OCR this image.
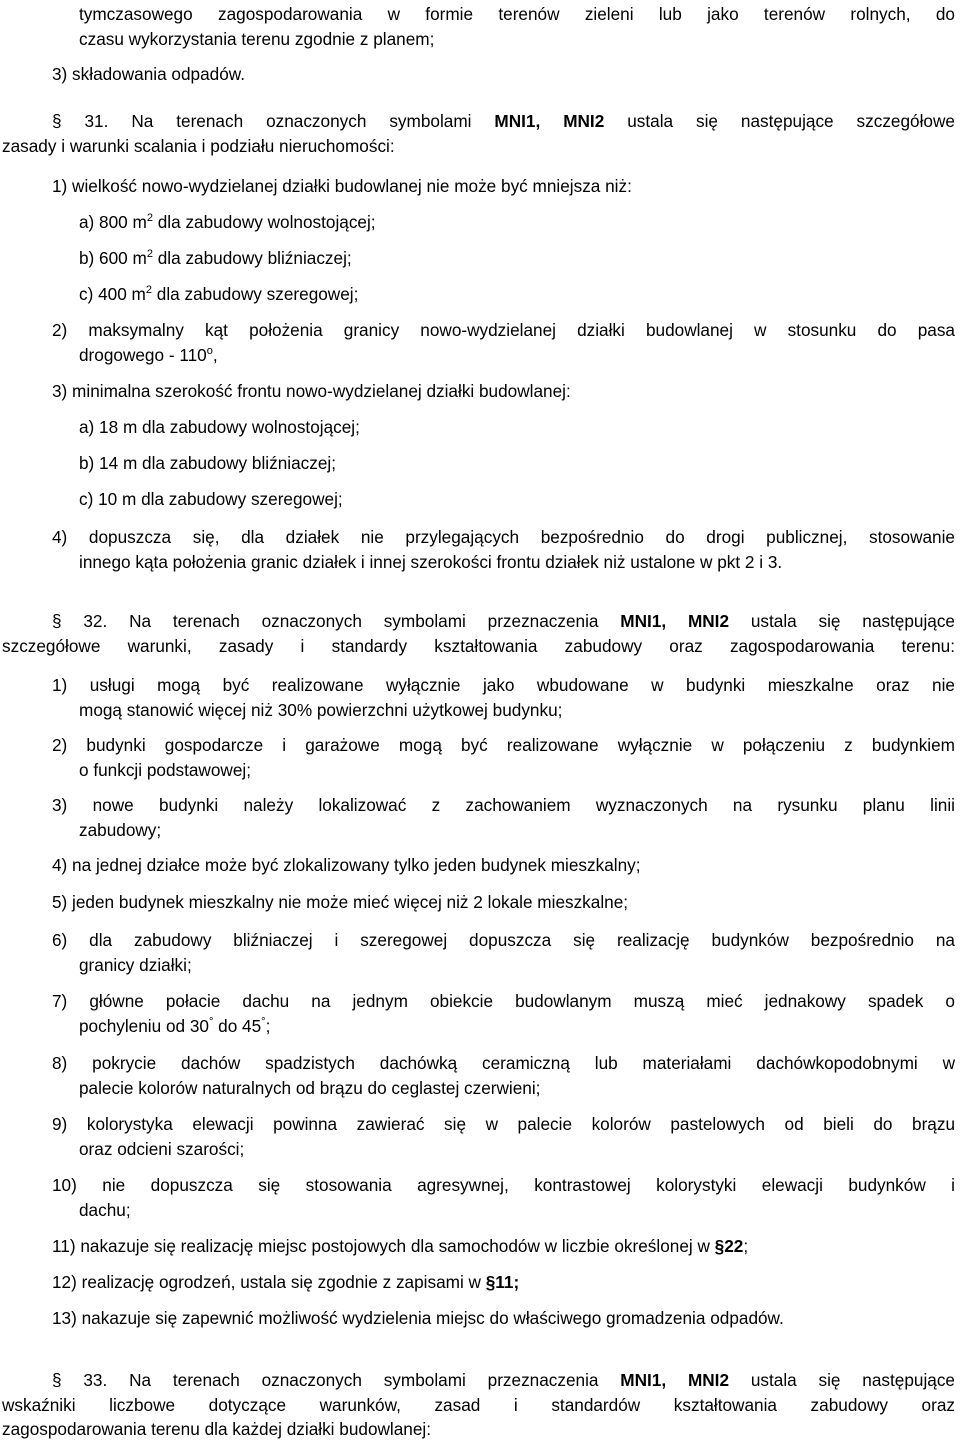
tymczasowego zagospodarowania w formie terenów zieleni lub jako terenów rolnych, do
czasu wykorzystania terenu zgodnie z planem;
3) składowania odpadów.
§ 31. Na terenach oznaczonych symbolami MNI1, MNI2 ustala się następujące szczegółowe
zasady i warunki scalania i podziału nieruchomości:
1) wielkość nowo-wydzielanej działki budowlanej nie może być mniejsza niż:
a) 800 $m^2$ dla zabudowy wolnostojącej;
b) 600 $m^2$ dla zabudowy bliźniaczej;
c) 400 $m^2$ dla zabudowy szeregowej;
2) maksymalny kąt położenia granicy nowo-wydzielanej działki budowlanej w stosunku do pasa
drogowego - 110$^o$,
3) minimalna szerokość frontu nowo-wydzielanej działki budowlanej:
a) 18 m dla zabudowy wolnostojącej;
b) 14 m dla zabudowy bliźniaczej;
c) 10 m dla zabudowy szeregowej;
4) dopuszcza się, dla działek nie przylegających bezpośrednio do drogi publicznej, stosowanie
innego kąta położenia granic działek i innej szerokości frontu działek niż ustalone w pkt 2 i 3.
§ 32. Na terenach oznaczonych symbolami przeznaczenia MNI1, MNI2 ustala się następujące
szczegółowe warunki, zasady i standardy kształtowania zabudowy oraz zagospodarowania terenu:
1) usługi mogą być realizowane wyłącznie jako wbudowane w budynki mieszkalne oraz nie
mogą stanowić więcej niż 30% powierzchni użytkowej budynku;
2) budynki gospodarcze i garażowe mogą być realizowane wyłącznie w połączeniu z budynkiem
o funkcji podstawowej;
3) nowe budynki należy lokalizować z zachowaniem wyznaczonych na rysunku planu linii
zabudowy;
4) na jednej działce może być zlokalizowany tylko jeden budynek mieszkalny;
5) jeden budynek mieszkalny nie może mieć więcej niż 2 lokale mieszkalne;
6) dla zabudowy bliźniaczej i szeregowej dopuszcza się realizację budynków bezpośrednio na
granicy działki;
7) główne połacie dachu na jednym obiekcie budowlanym muszą mieć jednakowy spadek o
pochyleniu od 30° do 45°;
8) pokrycie dachów spadzistych dachówką ceramiczną lub materiałami dachówkopodobnymi w
palecie kolorów naturalnych od brązu do ceglastej czerwieni;
9) kolorystyka elewacji powinna zawierać się w palecie kolorów pastelowych od bieli do brązu
oraz odcieni szarości;
10) nie dopuszcza się stosowania agresywnej, kontrastowej kolorystyki elewacji budynków i
dachu;
11) nakazuje się realizację miejsc postojowych dla samochodów w liczbie określonej w §22;
12) realizację ogrodzeń, ustala się zgodnie z zapisami w §11;
13) nakazuje się zapewnić możliwość wydzielenia miejsc do właściwego gromadzenia odpadów.
§ 33. Na terenach oznaczonych symbolami przeznaczenia MNI1, MNI2 ustala się następujące
wskaźniki liczbowe dotyczące warunków, zasad i standardów kształtowania zabudowy oraz
zagospodarowania terenu dla każdej działki budowlanej:
